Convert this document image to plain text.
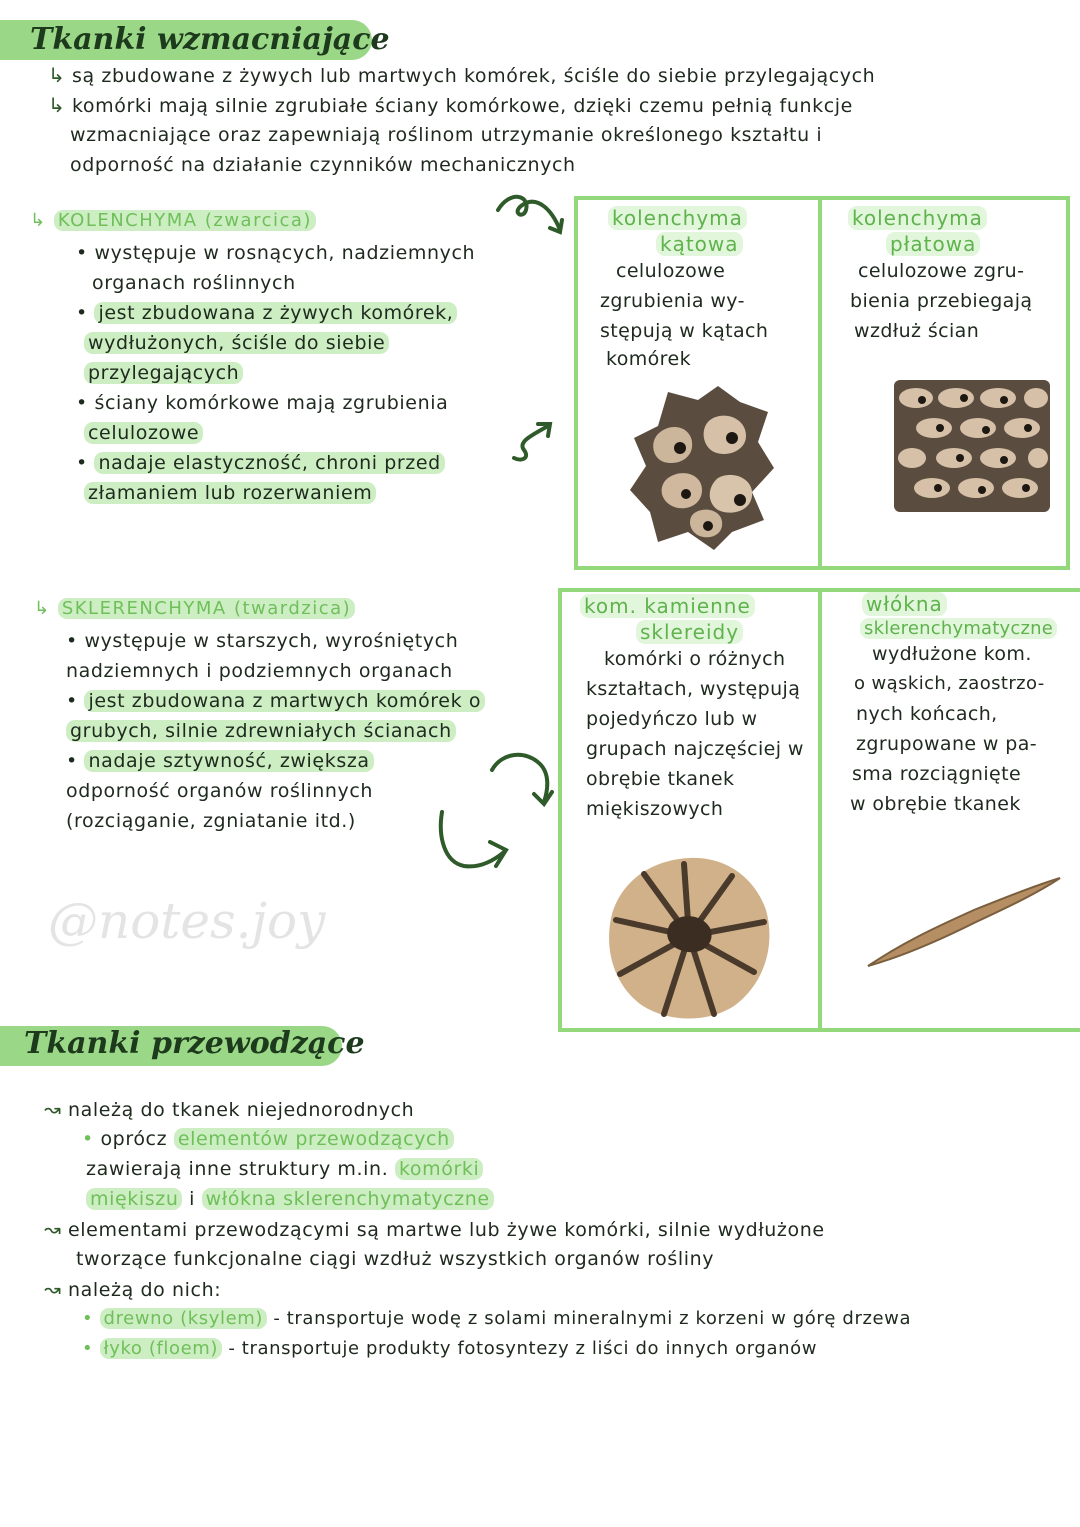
Tkanki wzmacniające
↳ są zbudowane z żywych lub martwych komórek, ściśle do siebie przylegających
↳ komórki mają silnie zgrubiałe ściany komórkowe, dzięki czemu pełnią funkcje
wzmacniające oraz zapewniają roślinom utrzymanie określonego kształtu i
odporność na działanie czynników mechanicznych
↳ KOLENCHYMA (zwarcica)
• występuje w rosnących, nadziemnych
organach roślinnych
• jest zbudowana z żywych komórek,
wydłużonych, ściśle do siebie
przylegających
• ściany komórkowe mają zgrubienia
celulozowe
• nadaje elastyczność, chroni przed
złamaniem lub rozerwaniem
kolenchyma
kątowa
celulozowe
zgrubienia wy-
stępują w kątach
komórek
kolenchyma
płatowa
celulozowe zgru-
bienia przebiegają
wzdłuż ścian
↳ SKLERENCHYMA (twardzica)
• występuje w starszych, wyrośniętych
nadziemnych i podziemnych organach
• jest zbudowana z martwych komórek o
grubych, silnie zdrewniałych ścianach
• nadaje sztywność, zwiększa
odporność organów roślinnych
(rozciąganie, zgniatanie itd.)
kom. kamienne
sklereidy
komórki o różnych
kształtach, występują
pojedyńczo lub w
grupach najczęściej w
obrębie tkanek
miękiszowych
włókna
sklerenchymatyczne
wydłużone kom.
o wąskich, zaostrzo-
nych końcach,
zgrupowane w pa-
sma rozciągnięte
w obrębie tkanek
@notes.joy
Tkanki przewodzące
↝ należą do tkanek niejednorodnych
• oprócz elementów przewodzących
zawierają inne struktury m.in. komórki
miękiszu i włókna sklerenchymatyczne
↝ elementami przewodzącymi są martwe lub żywe komórki, silnie wydłużone
tworzące funkcjonalne ciągi wzdłuż wszystkich organów rośliny
↝ należą do nich:
• drewno (ksylem) - transportuje wodę z solami mineralnymi z korzeni w górę drzewa
• łyko (floem) - transportuje produkty fotosyntezy z liści do innych organów
